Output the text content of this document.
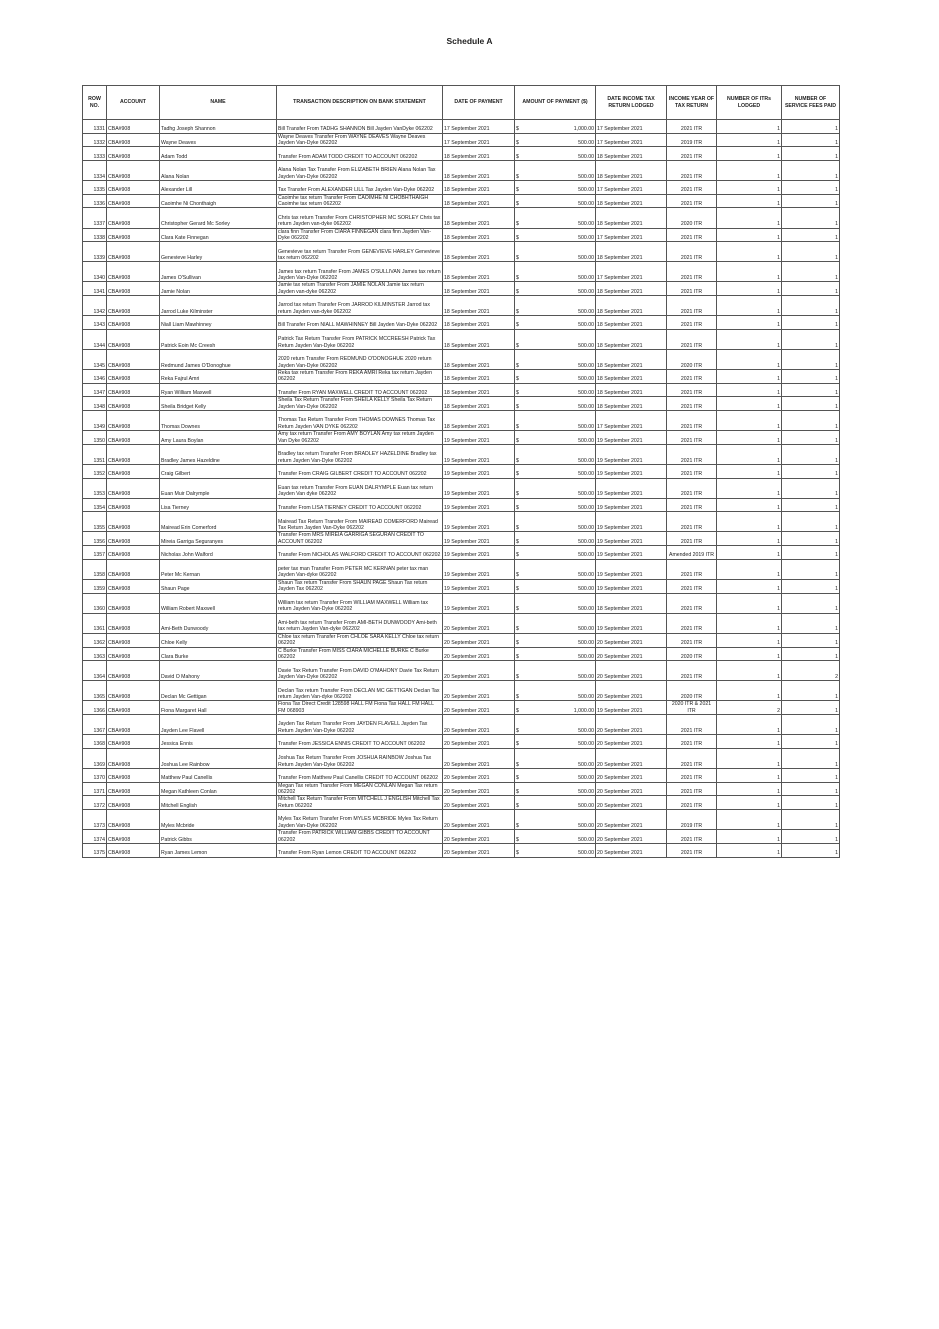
Schedule A
ROW NO.	ACCOUNT	NAME	TRANSACTION DESCRIPTION ON BANK STATEMENT	DATE OF PAYMENT	AMOUNT OF PAYMENT ($)	DATE INCOME TAX RETURN LODGED	INCOME YEAR OF TAX RETURN	NUMBER OF ITRs LODGED	NUMBER OF SERVICE FEES PAID
1331	CBA#908	Tadhg Joseph Shannon	Bill Transfer From TADHG SHANNON Bill Jayden VanDyke 062202	17 September 2021	$ 1,000.00	17 September 2021	2021 ITR	1	1
1332	CBA#908	Wayne Deaves	Wayne Deaves Transfer From WAYNE DEAVES Wayne Deaves Jayden Van-Dyke 062202	17 September 2021	$ 500.00	17 September 2021	2019 ITR	1	1
1333	CBA#908	Adam Todd	Transfer From ADAM TODD CREDIT TO ACCOUNT 062202	18 September 2021	$ 500.00	18 September 2021	2021 ITR	1	1
1334	CBA#908	Alana Nolan	Alana Nolan Tax Transfer From ELIZABETH BRIEN Alana Nolan Tax Jayden Van-Dyke 062202	18 September 2021	$ 500.00	18 September 2021	2021 ITR	1	1
1335	CBA#908	Alexander Lill	Tax Transfer From ALEXANDER LILL Tax Jayden Van-Dyke 062202	18 September 2021	$ 500.00	17 September 2021	2021 ITR	1	1
1336	CBA#908	Caoimhe Ni Chonthaigh	Caoimhe tax return Transfer From CAOIMHE NI CHOBHTHAIGH Caoimhe tax return 062202	18 September 2021	$ 500.00	18 September 2021	2021 ITR	1	1
1337	CBA#908	Christopher Gerard Mc Sorley	Chris tax return Transfer From CHRISTOPHER MC SORLEY Chris tax return Jayden van-dyke 062202	18 September 2021	$ 500.00	18 September 2021	2020 ITR	1	1
1338	CBA#908	Clara Kate Finnegan	clara finn Transfer From CIARA FINNEGAN clara finn Jayden Van-Dyke 062202	18 September 2021	$ 500.00	17 September 2021	2021 ITR	1	1
1339	CBA#908	Genevieve Harley	Genevieve tax return Transfer From GENEVIEVE HARLEY Genevieve tax return 062202	18 September 2021	$ 500.00	18 September 2021	2021 ITR	1	1
1340	CBA#908	James O'Sullivan	James tax return Transfer From JAMES O'SULLIVAN James tax return Jayden Van-Dyke 062202	18 September 2021	$ 500.00	17 September 2021	2021 ITR	1	1
1341	CBA#908	Jamie Nolan	Jamie tax return Transfer From JAMIE NOLAN Jamie tax return Jayden van-dyke 062202	18 September 2021	$ 500.00	18 September 2021	2021 ITR	1	1
1342	CBA#908	Jarrod Luke Kilminster	Jarrod tax return Transfer From JARROD KILMINSTER Jarrod tax return Jayden van-dyke 062202	18 September 2021	$ 500.00	18 September 2021	2021 ITR	1	1
1343	CBA#908	Niall Liam Mawhinney	Bill Transfer From NIALL MAWHINNEY Bill Jayden Van-Dyke 062202	18 September 2021	$ 500.00	18 September 2021	2021 ITR	1	1
1344	CBA#908	Patrick Eoin Mc Creesh	Patrick Tax Return Transfer From PATRICK MCCREESH Patrick Tax Return Jayden Van-Dyke 062202	18 September 2021	$ 500.00	18 September 2021	2021 ITR	1	1
1345	CBA#908	Redmund James O'Donoghue	2020 return Transfer From REDMUND O'DONOGHUE 2020 return Jayden Van-Dyke 062202	18 September 2021	$ 500.00	18 September 2021	2020 ITR	1	1
1346	CBA#908	Reka Fajrul Amri	Reka tax return Transfer From REKA AMRI Reka tax return Jayden 062202	18 September 2021	$ 500.00	18 September 2021	2021 ITR	1	1
1347	CBA#908	Ryan William Maxwell	Transfer From RYAN MAXWELL CREDIT TO ACCOUNT 062202	18 September 2021	$ 500.00	18 September 2021	2021 ITR	1	1
1348	CBA#908	Sheila Bridget Kelly	Sheila Tax Return Transfer From SHEILA KELLY Sheila Tax Return Jayden Van-Dyke 062202	18 September 2021	$ 500.00	18 September 2021	2021 ITR	1	1
1349	CBA#908	Thomas Downes	Thomas Tax Return Transfer From THOMAS DOWNES Thomas Tax Return Jayden VAN DYKE 062202	18 September 2021	$ 500.00	17 September 2021	2021 ITR	1	1
1350	CBA#908	Amy Laura Boylan	Amy tax return Transfer From AMY BOYLAN Amy tax return Jayden Van Dyke 062202	19 September 2021	$ 500.00	19 September 2021	2021 ITR	1	1
1351	CBA#908	Bradley James Hazeldine	Bradley tax return Transfer From BRADLEY HAZELDINE Bradley tax return Jayden Van-Dyke 062202	19 September 2021	$ 500.00	19 September 2021	2021 ITR	1	1
1352	CBA#908	Craig Gilbert	Transfer From CRAIG GILBERT CREDIT TO ACCOUNT 062202	19 September 2021	$ 500.00	19 September 2021	2021 ITR	1	1
1353	CBA#908	Euan Muir Dalrymple	Euan tax return Transfer From EUAN DALRYMPLE Euan tax return Jayden Van dyke 062202	19 September 2021	$ 500.00	19 September 2021	2021 ITR	1	1
1354	CBA#908	Lisa Tierney	Transfer From LISA TIERNEY CREDIT TO ACCOUNT 062202	19 September 2021	$ 500.00	19 September 2021	2021 ITR	1	1
1355	CBA#908	Mairead Erin Comerford	Mairead Tax Return Transfer From MAIREAD COMERFORD Mairead Tax Return Jayden Van-Dyke 062202	19 September 2021	$ 500.00	19 September 2021	2021 ITR	1	1
1356	CBA#908	Mireia Garriga Seguranyes	Transfer From MRS MIREIA GARRIGA SEGURAN CREDIT TO ACCOUNT 062202	19 September 2021	$ 500.00	19 September 2021	2021 ITR	1	1
1357	CBA#908	Nicholas John Walford	Transfer From NICHOLAS WALFORD CREDIT TO ACCOUNT 062202	19 September 2021	$ 500.00	19 September 2021	Amended 2019 ITR	1	1
1358	CBA#908	Peter Mc Kernan	peter tax man Transfer From PETER MC KERNAN peter tax man Jayden Van-dyke 062202	19 September 2021	$ 500.00	19 September 2021	2021 ITR	1	1
1359	CBA#908	Shaun Page	Shaun Tax return Transfer From SHAUN PAGE Shaun Tax return Jayden Tax 062202	19 September 2021	$ 500.00	19 September 2021	2021 ITR	1	1
1360	CBA#908	William Robert Maxwell	William tax return Transfer From WILLIAM MAXWELL William tax return Jayden Van-Dyke 062202	19 September 2021	$ 500.00	18 September 2021	2021 ITR	1	1
1361	CBA#908	Ami-Beth Dunwoody	Ami-beth tax return Transfer From AMI-BETH DUNWOODY Ami-beth tax return Jayden Van-dyke 062202	20 September 2021	$ 500.00	19 September 2021	2021 ITR	1	1
1362	CBA#908	Chloe Kelly	Chloe tax return Transfer From CHLOE SARA KELLY Chloe tax return 062202	20 September 2021	$ 500.00	20 September 2021	2021 ITR	1	1
1363	CBA#908	Clara Burke	C Burke Transfer From MISS CIARA MICHELLE BURKE C Burke 062202	20 September 2021	$ 500.00	20 September 2021	2020 ITR	1	1
1364	CBA#908	David O Mahony	Davie Tax Return Transfer From DAVID O'MAHONY Davie Tax Return Jayden Van-Dyke 062202	20 September 2021	$ 500.00	20 September 2021	2021 ITR	1	2
1365	CBA#908	Declan Mc Gettigan	Declan Tax return Transfer From DECLAN MC GETTIGAN Declan Tax return Jayden Van-dyke 062202	20 September 2021	$ 500.00	20 September 2021	2020 ITR	1	1
1366	CBA#908	Fiona Margaret Hall	Fiona Tax Direct Credit 128598 HALL FM Fiona Tax HALL FM HALL FM 068903	20 September 2021	$ 1,000.00	19 September 2021	2020 ITR & 2021 ITR	2	1
1367	CBA#908	Jayden Lee Flavell	Jayden Tax Return Transfer From JAYDEN FLAVELL Jayden Tax Return Jayden Van-Dyke 062202	20 September 2021	$ 500.00	20 September 2021	2021 ITR	1	1
1368	CBA#908	Jessica Ennis	Transfer From JESSICA ENNIS CREDIT TO ACCOUNT 062202	20 September 2021	$ 500.00	20 September 2021	2021 ITR	1	1
1369	CBA#908	Joshua Lee Rainbow	Joshua Tax Return Transfer From JOSHUA RAINBOW Joshua Tax Return Jayden Van-Dyke 062202	20 September 2021	$ 500.00	20 September 2021	2021 ITR	1	1
1370	CBA#908	Matthew Paul Canellis	Transfer From Matthew Paul Canellis CREDIT TO ACCOUNT 062202	20 September 2021	$ 500.00	20 September 2021	2021 ITR	1	1
1371	CBA#908	Megan Kathleen Conlan	Megan Tax return Transfer From MEGAN CONLAN Megan Tax return 062202	20 September 2021	$ 500.00	20 September 2021	2021 ITR	1	1
1372	CBA#908	Mitchell English	Mitchell Tax Return Transfer From MITCHELL J ENGLISH Mitchell Tax Return 062202	20 September 2021	$ 500.00	20 September 2021	2021 ITR	1	1
1373	CBA#908	Myles Mcbride	Myles Tax Return Transfer From MYLES MCBRIDE Myles Tax Return Jayden Van-Dyke 062202	20 September 2021	$ 500.00	20 September 2021	2019 ITR	1	1
1374	CBA#908	Patrick Gibbs	Transfer From PATRICK WILLIAM GIBBS CREDIT TO ACCOUNT 062202	20 September 2021	$ 500.00	20 September 2021	2021 ITR	1	1
1375	CBA#908	Ryan James Lemon	Transfer From Ryan Lemon CREDIT TO ACCOUNT 062202	20 September 2021	$ 500.00	20 September 2021	2021 ITR	1	1
